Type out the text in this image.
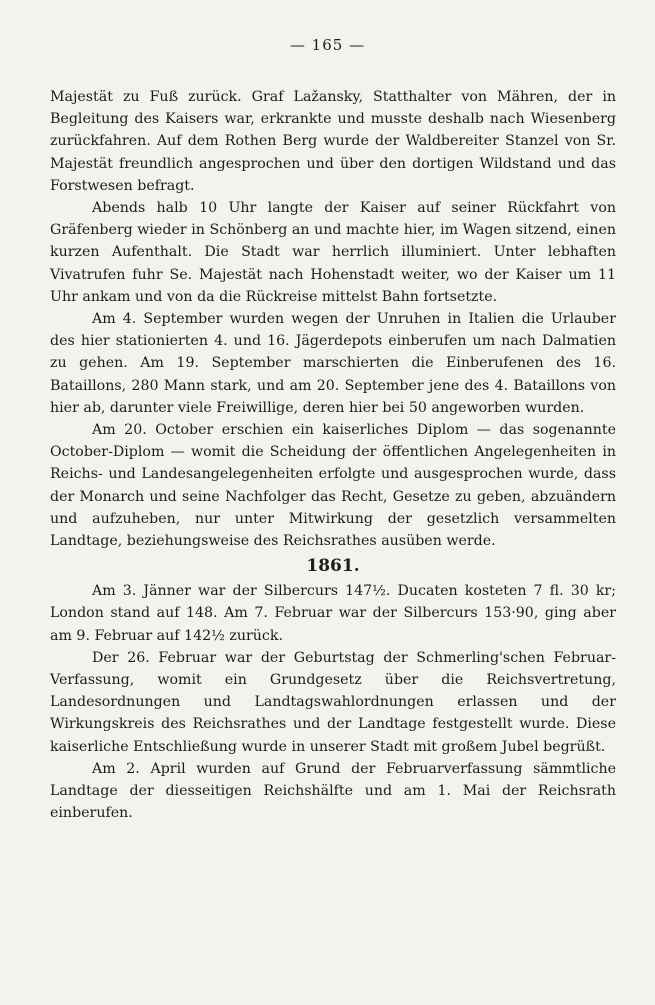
— 165 —

Majestät zu Fuß zurück. Graf Lažansky, Statthalter von Mähren, der in Begleitung des Kaisers war, erkrankte und musste deshalb nach Wiesenberg zurückfahren. Auf dem Rothen Berg wurde der Waldbereiter Stanzel von Sr. Majestät freundlich angesprochen und über den dortigen Wildstand und das Forstwesen befragt.

Abends halb 10 Uhr langte der Kaiser auf seiner Rückfahrt von Gräfenberg wieder in Schönberg an und machte hier, im Wagen sitzend, einen kurzen Aufenthalt. Die Stadt war herrlich illuminiert. Unter lebhaften Vivatrufen fuhr Se. Majestät nach Hohenstadt weiter, wo der Kaiser um 11 Uhr ankam und von da die Rückreise mittelst Bahn fortsetzte.

Am 4. September wurden wegen der Unruhen in Italien die Urlauber des hier stationierten 4. und 16. Jägerdepots einberufen um nach Dalmatien zu gehen. Am 19. September marschierten die Einberufenen des 16. Bataillons, 280 Mann stark, und am 20. September jene des 4. Bataillons von hier ab, darunter viele Freiwillige, deren hier bei 50 angeworben wurden.

Am 20. October erschien ein kaiserliches Diplom — das sogenannte October-Diplom — womit die Scheidung der öffentlichen Angelegenheiten in Reichs- und Landesangelegenheiten erfolgte und ausgesprochen wurde, dass der Monarch und seine Nachfolger das Recht, Gesetze zu geben, abzuändern und aufzuheben, nur unter Mitwirkung der gesetzlich versammelten Landtage, beziehungsweise des Reichsrathes ausüben werde.

1861.

Am 3. Jänner war der Silbercurs 147½. Ducaten kosteten 7 fl. 30 kr; London stand auf 148. Am 7. Februar war der Silbercurs 153·90, ging aber am 9. Februar auf 142½ zurück.

Der 26. Februar war der Geburtstag der Schmerling'schen Februar-Verfassung, womit ein Grundgesetz über die Reichsvertretung, Landesordnungen und Landtagswahlordnungen erlassen und der Wirkungskreis des Reichsrathes und der Landtage festgestellt wurde. Diese kaiserliche Entschließung wurde in unserer Stadt mit großem Jubel begrüßt.

Am 2. April wurden auf Grund der Februarverfassung sämmtliche Landtage der diesseitigen Reichshälfte und am 1. Mai der Reichsrath einberufen.
